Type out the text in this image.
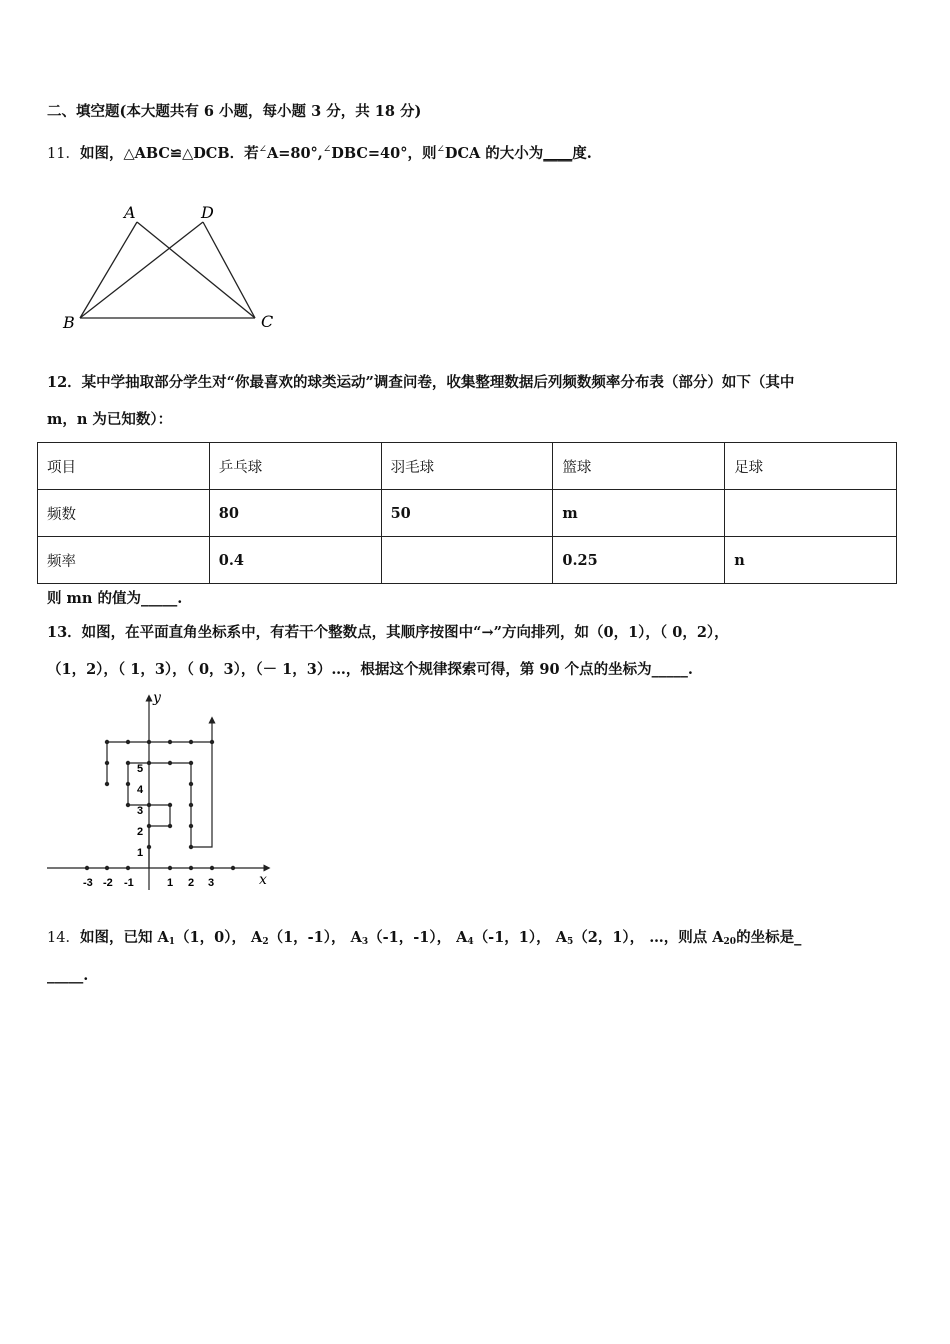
二、填空题(本大题共有 6 小题，每小题 3 分，共 18 分)
11．如图，△ABC≌△DCB．若∠A=80°,∠DBC=40°，则∠DCA 的大小为____度.
A	D
B	C
12．某中学抽取部分学生对“你最喜欢的球类运动”调查问卷，收集整理数据后列频数频率分布表（部分）如下（其中
m，n 为已知数）：
项目	乒乓球	羽毛球	篮球	足球
频数	80	50	m	
频率	0.4		0.25	n
则 mn 的值为_____.
13．如图，在平面直角坐标系中，有若干个整数点，其顺序按图中“→”方向排列，如（0，1），（ 0，2），
（1，2），（ 1，3），（ 0，3），（－ 1，3）…，根据这个规律探索可得，第 90 个点的坐标为_____.
x
y
-3 -2 -1	1 2 3
1
2
3
4
5
14．如图，已知 $A_1(1$，0）， $A_2(1$，-1）， $A_3(-1$，-1）， $A_4(-1$，1）， $A_5(2$，1）， …，则点 $A_{20}$的坐标是_
_____.
